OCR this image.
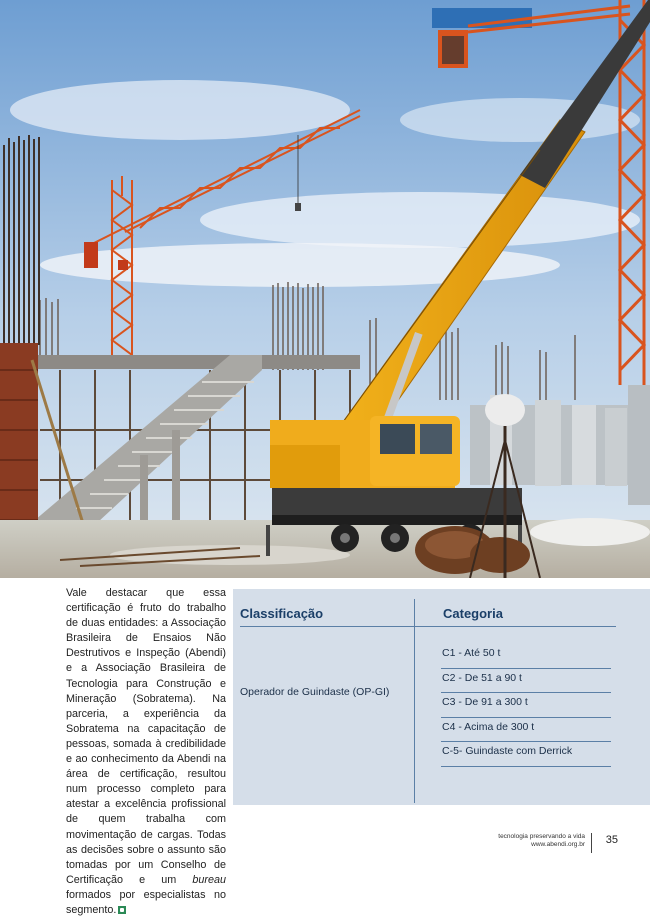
Vale destacar que essa certificação é fruto do trabalho de duas entidades: a Associação Brasileira de Ensaios Não Destrutivos e Inspeção (Abendi) e a Associação Brasileira de Tecnologia para Construção e Mineração (Sobratema). Na parceria, a experiência da Sobratema na capacitação de pessoas, somada à credibilidade e ao conhecimento da Abendi na área de certificação, resultou num processo completo para atestar a excelência profissional de quem trabalha com movimentação de cargas. Todas as decisões sobre o assunto são tomadas por um Conselho de Certificação e um bureau formados por especialistas no segmento.

Classificação	Categoria
Operador de Guindaste (OP-GI)
C1 - Até 50 t
C2 - De 51 a 90 t
C3 - De 91 a 300 t
C4 - Acima de 300 t
C-5- Guindaste com Derrick
tecnologia preservando a vida
www.abendi.org.br 35
